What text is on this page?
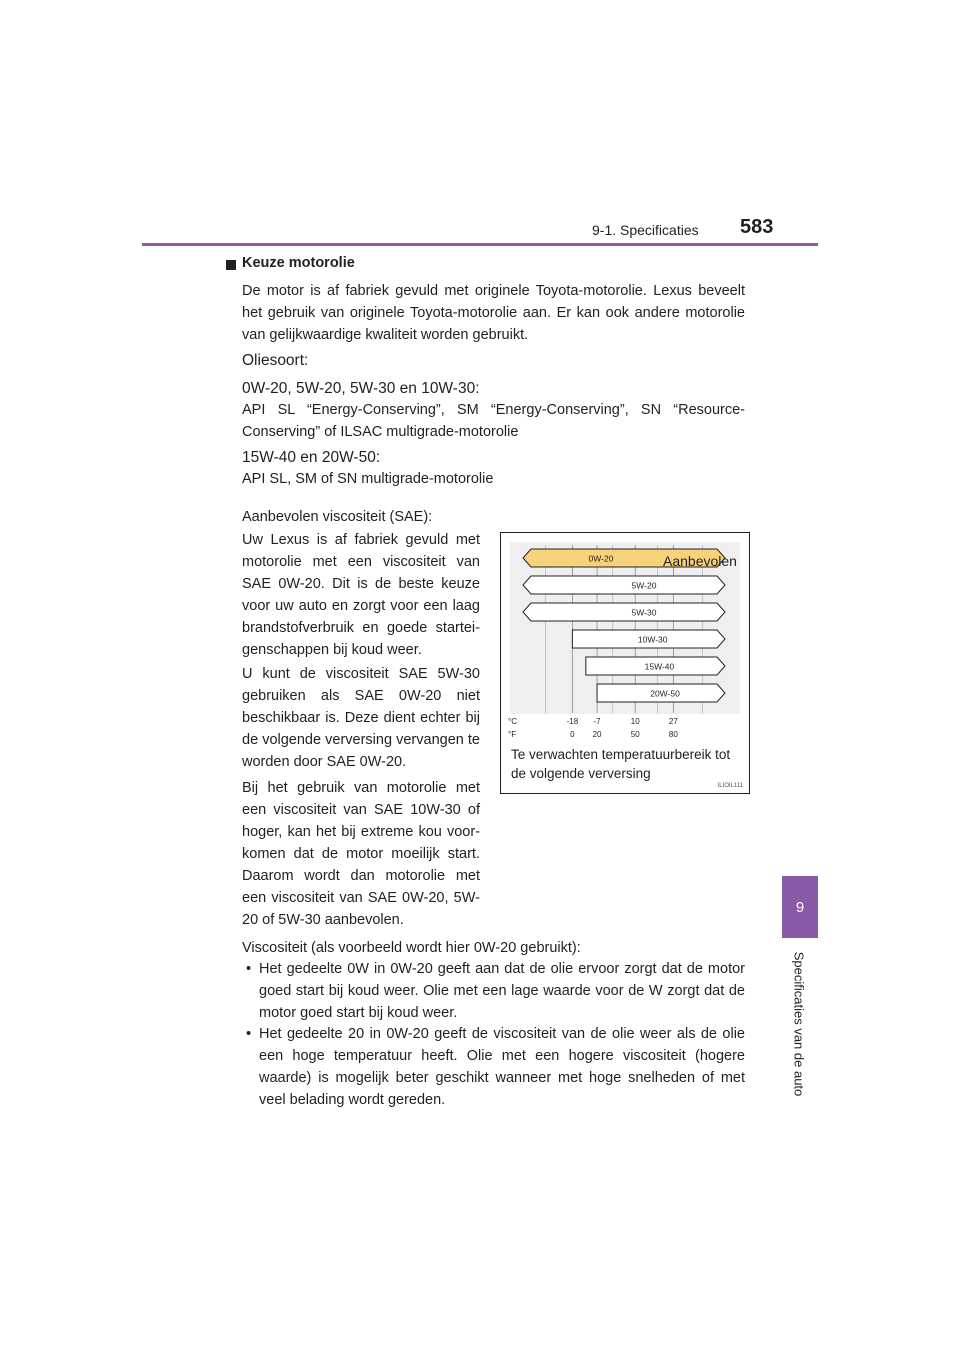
9-1. Specificaties 583
9
Specificaties van de auto
Keuze motorolie
De motor is af fabriek gevuld met originele Toyota-motorolie. Lexus beveelt het gebruik van originele Toyota-motorolie aan. Er kan ook andere motorolie van gelijkwaardige kwaliteit worden gebruikt.
Oliesoort:
0W-20, 5W-20, 5W-30 en 10W-30:
API SL “Energy-Conserving”, SM “Energy-Conserving”, SN “Resource-Conserving” of ILSAC multigrade-motorolie
15W-40 en 20W-50:
API SL, SM of SN multigrade-motorolie
Aanbevolen viscositeit (SAE):
Uw Lexus is af fabriek gevuld met motorolie met een viscositeit van SAE 0W-20. Dit is de beste keuze voor uw auto en zorgt voor een laag brandstofverbruik en goede startei-genschappen bij koud weer.
U kunt de viscositeit SAE 5W-30 gebruiken als SAE 0W-20 niet beschikbaar is. Deze dient echter bij de volgende verversing vervangen te worden door SAE 0W-20.
Bij het gebruik van motorolie met een viscositeit van SAE 10W-30 of hoger, kan het bij extreme kou voor-komen dat de motor moeilijk start. Daarom wordt dan motorolie met een viscositeit van SAE 0W-20, 5W-20 of 5W-30 aanbevolen.
0W-20
5W-20
5W-30
10W-30
15W-40
20W-50
Aanbevolen
°C
°F
-18
0
-7
20
10
50
27
80
Te verwachten temperatuurbereik tot de volgende verversing
ILIOIL111
Viscositeit (als voorbeeld wordt hier 0W-20 gebruikt):
• Het gedeelte 0W in 0W-20 geeft aan dat de olie ervoor zorgt dat de motor goed start bij koud weer. Olie met een lage waarde voor de W zorgt dat de motor goed start bij koud weer.
• Het gedeelte 20 in 0W-20 geeft de viscositeit van de olie weer als de olie een hoge temperatuur heeft. Olie met een hogere viscositeit (hogere waarde) is mogelijk beter geschikt wanneer met hoge snelheden of met veel belading wordt gereden.
